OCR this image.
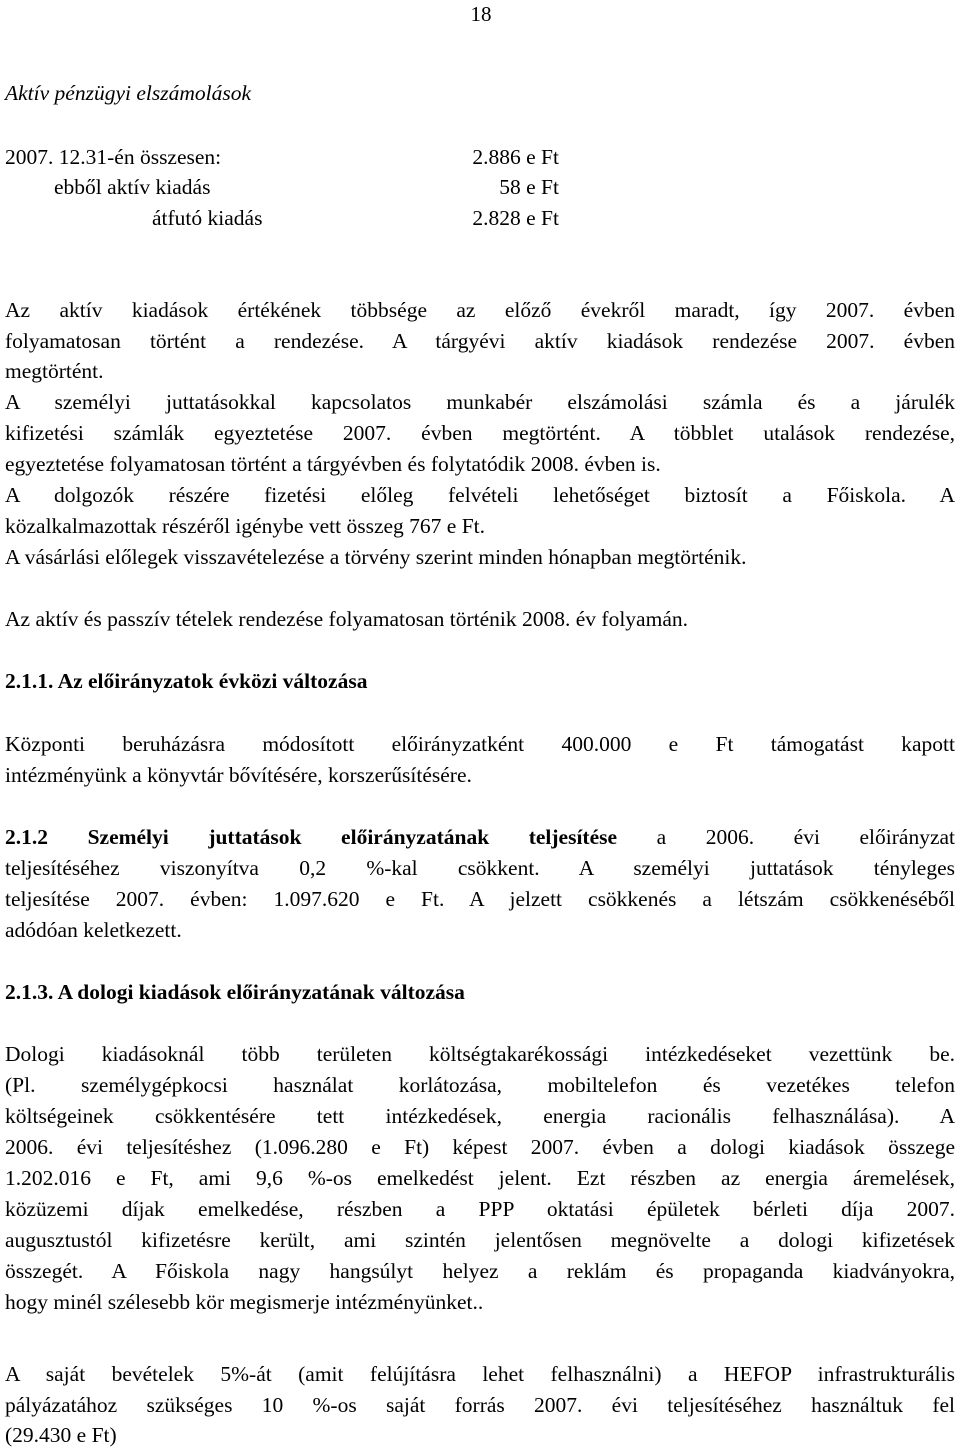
18
Aktív pénzügyi elszámolások
2007. 12.31-én összesen:	2.886 e Ft
ebből aktív kiadás	58 e Ft
átfutó kiadás	2.828 e Ft
Az aktív kiadások értékének többsége az előző évekről maradt, így 2007. évben
folyamatosan történt a rendezése. A tárgyévi aktív kiadások rendezése 2007. évben
megtörtént.
A személyi juttatásokkal kapcsolatos munkabér elszámolási számla és a járulék
kifizetési számlák egyeztetése 2007. évben megtörtént. A többlet utalások rendezése,
egyeztetése folyamatosan történt a tárgyévben és folytatódik 2008. évben is.
A dolgozók részére fizetési előleg felvételi lehetőséget biztosít a Főiskola. A
közalkalmazottak részéről igénybe vett összeg 767 e Ft.
A vásárlási előlegek visszavételezése a törvény szerint minden hónapban megtörténik.
Az aktív és passzív tételek rendezése folyamatosan történik 2008. év folyamán.
2.1.1. Az előirányzatok évközi változása
Központi beruházásra módosított előirányzatként 400.000 e Ft támogatást kapott
intézményünk a könyvtár bővítésére, korszerűsítésére.
2.1.2 Személyi juttatások előirányzatának teljesítése a 2006. évi előirányzat
teljesítéséhez viszonyítva 0,2 %-kal csökkent. A személyi juttatások tényleges
teljesítése 2007. évben: 1.097.620 e Ft. A jelzett csökkenés a létszám csökkenéséből
adódóan keletkezett.
2.1.3. A dologi kiadások előirányzatának változása
Dologi kiadásoknál több területen költségtakarékossági intézkedéseket vezettünk be.
(Pl. személygépkocsi használat korlátozása, mobiltelefon és vezetékes telefon
költségeinek csökkentésére tett intézkedések, energia racionális felhasználása). A
2006. évi teljesítéshez (1.096.280 e Ft) képest 2007. évben a dologi kiadások összege
1.202.016 e Ft, ami 9,6 %-os emelkedést jelent. Ezt részben az energia áremelések,
közüzemi díjak emelkedése, részben a PPP oktatási épületek bérleti díja 2007.
augusztustól kifizetésre került, ami szintén jelentősen megnövelte a dologi kifizetések
összegét. A Főiskola nagy hangsúlyt helyez a reklám és propaganda kiadványokra,
hogy minél szélesebb kör megismerje intézményünket..
A saját bevételek 5%-át (amit felújításra lehet felhasználni) a HEFOP infrastrukturális
pályázatához szükséges 10 %-os saját forrás 2007. évi teljesítéséhez használtuk fel
(29.430 e Ft)
